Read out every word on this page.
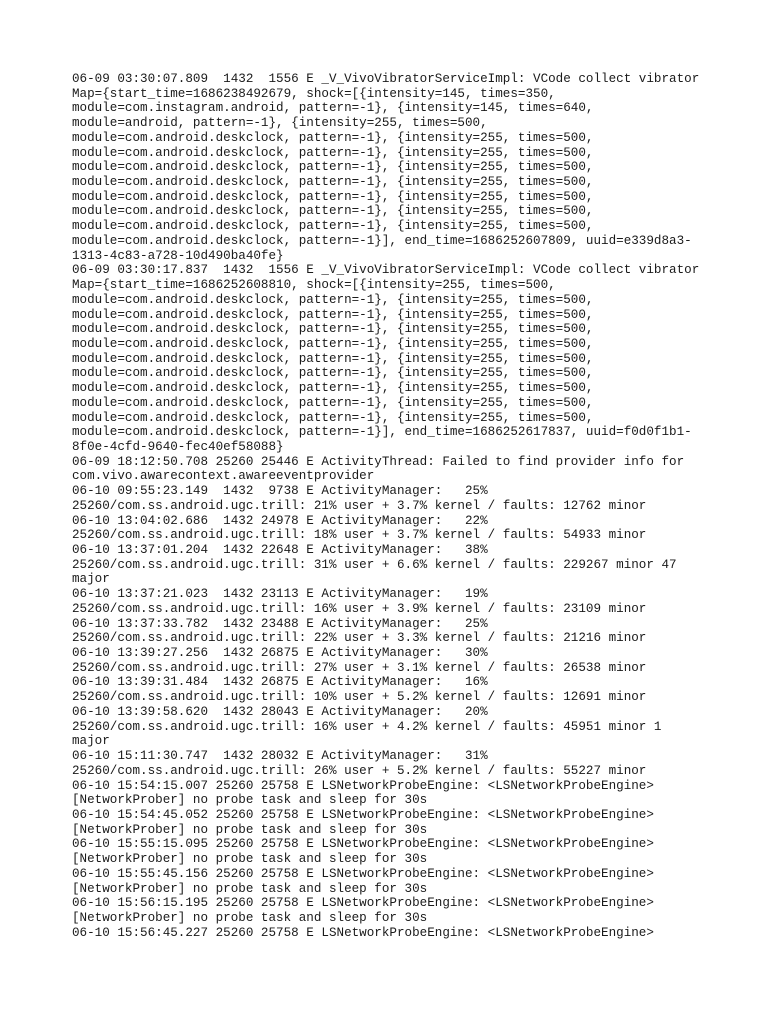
06-09 03:30:07.809  1432  1556 E _V_VivoVibratorServiceImpl: VCode collect vibrator
Map={start_time=1686238492679, shock=[{intensity=145, times=350,
module=com.instagram.android, pattern=-1}, {intensity=145, times=640,
module=android, pattern=-1}, {intensity=255, times=500,
module=com.android.deskclock, pattern=-1}, {intensity=255, times=500,
module=com.android.deskclock, pattern=-1}, {intensity=255, times=500,
module=com.android.deskclock, pattern=-1}, {intensity=255, times=500,
module=com.android.deskclock, pattern=-1}, {intensity=255, times=500,
module=com.android.deskclock, pattern=-1}, {intensity=255, times=500,
module=com.android.deskclock, pattern=-1}, {intensity=255, times=500,
module=com.android.deskclock, pattern=-1}, {intensity=255, times=500,
module=com.android.deskclock, pattern=-1}], end_time=1686252607809, uuid=e339d8a3-
1313-4c83-a728-10d490ba40fe}
06-09 03:30:17.837  1432  1556 E _V_VivoVibratorServiceImpl: VCode collect vibrator
Map={start_time=1686252608810, shock=[{intensity=255, times=500,
module=com.android.deskclock, pattern=-1}, {intensity=255, times=500,
module=com.android.deskclock, pattern=-1}, {intensity=255, times=500,
module=com.android.deskclock, pattern=-1}, {intensity=255, times=500,
module=com.android.deskclock, pattern=-1}, {intensity=255, times=500,
module=com.android.deskclock, pattern=-1}, {intensity=255, times=500,
module=com.android.deskclock, pattern=-1}, {intensity=255, times=500,
module=com.android.deskclock, pattern=-1}, {intensity=255, times=500,
module=com.android.deskclock, pattern=-1}, {intensity=255, times=500,
module=com.android.deskclock, pattern=-1}, {intensity=255, times=500,
module=com.android.deskclock, pattern=-1}], end_time=1686252617837, uuid=f0d0f1b1-
8f0e-4cfd-9640-fec40ef58088}
06-09 18:12:50.708 25260 25446 E ActivityThread: Failed to find provider info for
com.vivo.awarecontext.awareeventprovider
06-10 09:55:23.149  1432  9738 E ActivityManager:   25%
25260/com.ss.android.ugc.trill: 21% user + 3.7% kernel / faults: 12762 minor
06-10 13:04:02.686  1432 24978 E ActivityManager:   22%
25260/com.ss.android.ugc.trill: 18% user + 3.7% kernel / faults: 54933 minor
06-10 13:37:01.204  1432 22648 E ActivityManager:   38%
25260/com.ss.android.ugc.trill: 31% user + 6.6% kernel / faults: 229267 minor 47
major
06-10 13:37:21.023  1432 23113 E ActivityManager:   19%
25260/com.ss.android.ugc.trill: 16% user + 3.9% kernel / faults: 23109 minor
06-10 13:37:33.782  1432 23488 E ActivityManager:   25%
25260/com.ss.android.ugc.trill: 22% user + 3.3% kernel / faults: 21216 minor
06-10 13:39:27.256  1432 26875 E ActivityManager:   30%
25260/com.ss.android.ugc.trill: 27% user + 3.1% kernel / faults: 26538 minor
06-10 13:39:31.484  1432 26875 E ActivityManager:   16%
25260/com.ss.android.ugc.trill: 10% user + 5.2% kernel / faults: 12691 minor
06-10 13:39:58.620  1432 28043 E ActivityManager:   20%
25260/com.ss.android.ugc.trill: 16% user + 4.2% kernel / faults: 45951 minor 1
major
06-10 15:11:30.747  1432 28032 E ActivityManager:   31%
25260/com.ss.android.ugc.trill: 26% user + 5.2% kernel / faults: 55227 minor
06-10 15:54:15.007 25260 25758 E LSNetworkProbeEngine: <LSNetworkProbeEngine>
[NetworkProber] no probe task and sleep for 30s
06-10 15:54:45.052 25260 25758 E LSNetworkProbeEngine: <LSNetworkProbeEngine>
[NetworkProber] no probe task and sleep for 30s
06-10 15:55:15.095 25260 25758 E LSNetworkProbeEngine: <LSNetworkProbeEngine>
[NetworkProber] no probe task and sleep for 30s
06-10 15:55:45.156 25260 25758 E LSNetworkProbeEngine: <LSNetworkProbeEngine>
[NetworkProber] no probe task and sleep for 30s
06-10 15:56:15.195 25260 25758 E LSNetworkProbeEngine: <LSNetworkProbeEngine>
[NetworkProber] no probe task and sleep for 30s
06-10 15:56:45.227 25260 25758 E LSNetworkProbeEngine: <LSNetworkProbeEngine>
